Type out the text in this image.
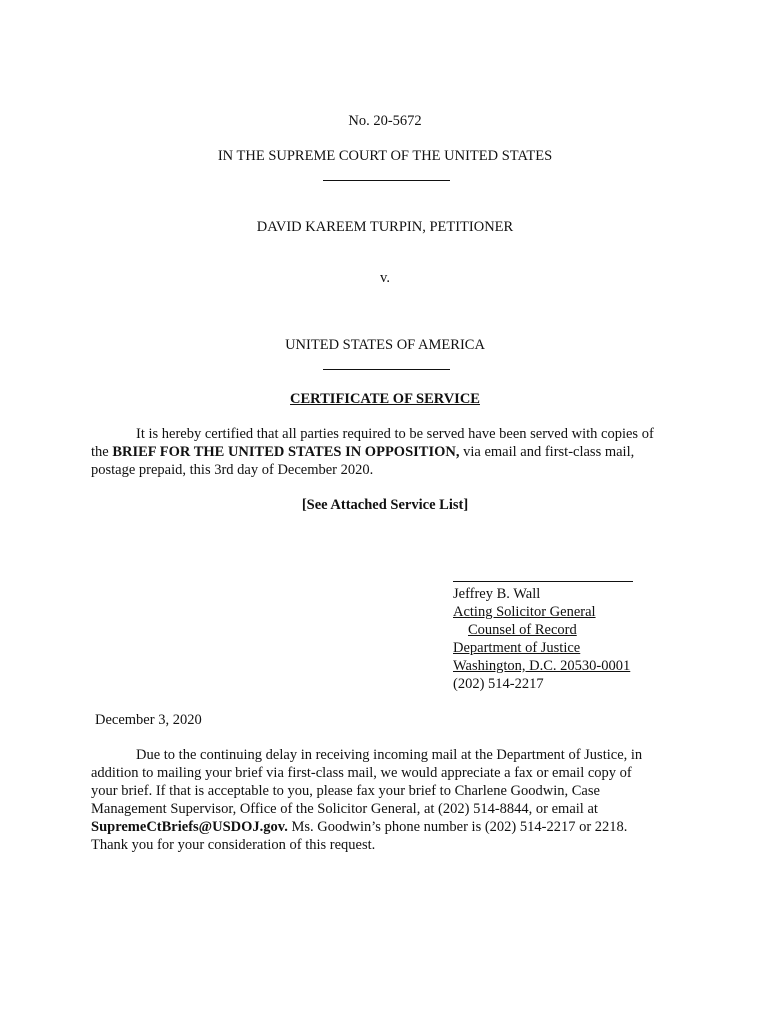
No. 20-5672
IN THE SUPREME COURT OF THE UNITED STATES
DAVID KAREEM TURPIN, PETITIONER
v.
UNITED STATES OF AMERICA
CERTIFICATE OF SERVICE
It is hereby certified that all parties required to be served have been served with copies of
the BRIEF FOR THE UNITED STATES IN OPPOSITION, via email and first-class mail,
postage prepaid, this 3rd day of December 2020.
[See Attached Service List]
Jeffrey B. Wall
Acting Solicitor General
Counsel of Record
Department of Justice
Washington, D.C. 20530-0001
(202) 514-2217
December 3, 2020
Due to the continuing delay in receiving incoming mail at the Department of Justice, in
addition to mailing your brief via first-class mail, we would appreciate a fax or email copy of
your brief. If that is acceptable to you, please fax your brief to Charlene Goodwin, Case
Management Supervisor, Office of the Solicitor General, at (202) 514-8844, or email at
SupremeCtBriefs@USDOJ.gov. Ms. Goodwin’s phone number is (202) 514-2217 or 2218.
Thank you for your consideration of this request.
